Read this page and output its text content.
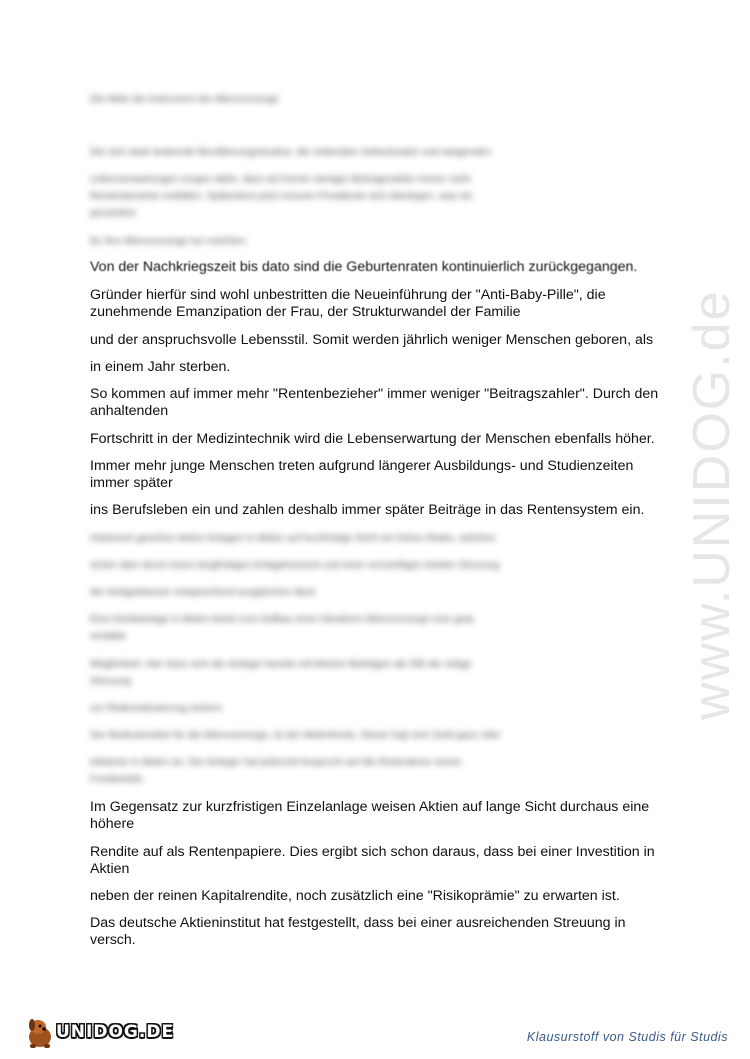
www.UNIDOG.de
Die Aktie als Instrument der Altersvorsorge
Die sich stark ändernde Bevölkerungsstruktur, die sinkenden Geburtsraten und steigenden
Lebenserwartungen sorgen dafür, dass auf immer weniger Beitragszahler immer mehr
Rentenbezieher entfallen. Spätestens jetzt müssen Privatleute sich überlegen, was sie
persönlich
für ihre Altersvorsorge tun möchten.
Von der Nachkriegszeit bis dato sind die Geburtenraten kontinuierlich zurückgegangen.
Gründer hierfür sind wohl unbestritten die Neueinführung der "Anti-Baby-Pille", die
zunehmende Emanzipation der Frau, der Strukturwandel der Familie
und der anspruchsvolle Lebensstil. Somit werden jährlich weniger Menschen geboren, als
in einem Jahr sterben.
So kommen auf immer mehr "Rentenbezieher" immer weniger "Beitragszahler". Durch den
anhaltenden
Fortschritt in der Medizintechnik wird die Lebenserwartung der Menschen ebenfalls höher.
Immer mehr junge Menschen treten aufgrund längerer Ausbildungs- und Studienzeiten
immer später
ins Berufsleben ein und zahlen deshalb immer später Beiträge in das Rentensystem ein.
Historisch gesehen bieten Anlagen in Aktien auf kurzfristige Sicht ein hohes Risiko, welches
sicher aber durch einen langfristigen Anlagehorizont und einer vernünftigen breiten Streuung
der Anlageklassen entsprechend ausgleichen lässt.
Eine Direktanlage in Aktien bietet zum Aufbau einer lukrativen Altersvorsorge eine gute,
rentable
Möglichkeit. Hier kann sich der Anleger bereits mit kleinen Beiträgen ab 25€ die nötige
Streuung
zur Risikoreduzierung sichern.
Der Bedeutendste für die Altersvorsorge, ist der Aktienfonds. Dieser legt sein Geld ganz oder
teilweise in Aktien an. Der Anleger hat jederzeit Anspruch auf die Rücknahme seiner
Fondanteile.
Im Gegensatz zur kurzfristigen Einzelanlage weisen Aktien auf lange Sicht durchaus eine
höhere
Rendite auf als Rentenpapiere. Dies ergibt sich schon daraus, dass bei einer Investition in
Aktien
neben der reinen Kapitalrendite, noch zusätzlich eine "Risikoprämie" zu erwarten ist.
Das deutsche Aktieninstitut hat festgestellt, dass bei einer ausreichenden Streuung in
versch.
UNIDOG.DE	Klausurstoff von Studis für Studis
